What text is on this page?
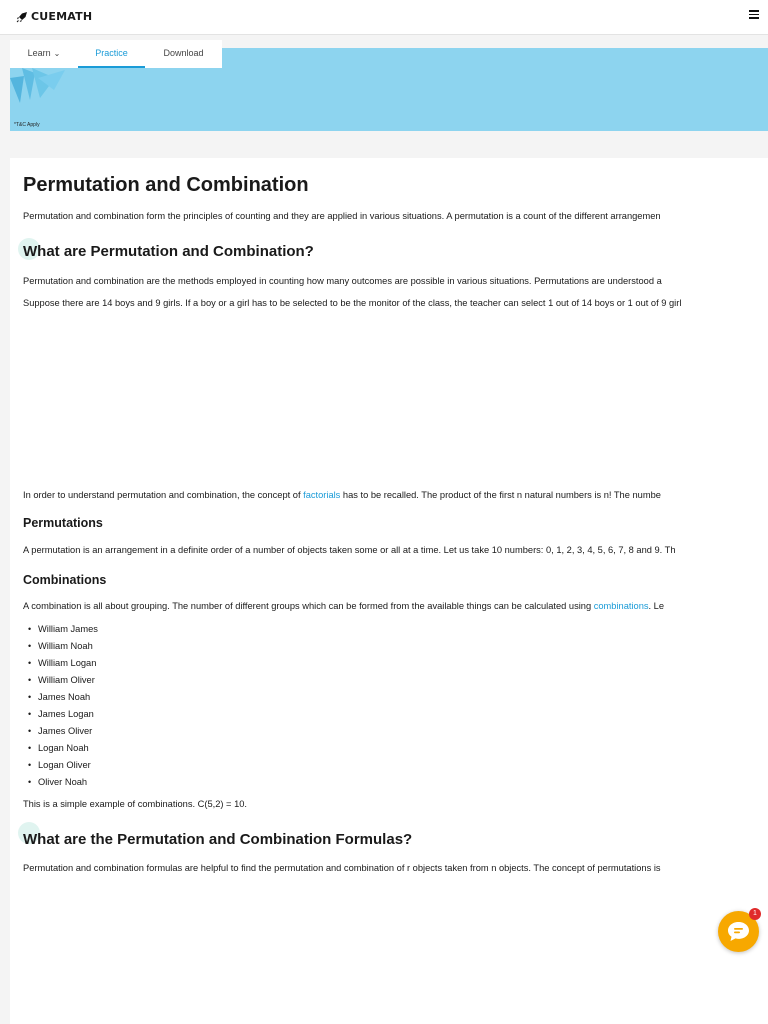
CUEMATH
*T&C Apply
Learn ⌄	Practice	Download
Permutation and Combination
Permutation and combination form the principles of counting and they are applied in various situations. A permutation is a count of the different arrangemen
What are Permutation and Combination?
Permutation and combination are the methods employed in counting how many outcomes are possible in various situations. Permutations are understood a
Suppose there are 14 boys and 9 girls. If a boy or a girl has to be selected to be the monitor of the class, the teacher can select 1 out of 14 boys or 1 out of 9 girl
In order to understand permutation and combination, the concept of factorials has to be recalled. The product of the first n natural numbers is n! The numbe
Permutations
A permutation is an arrangement in a definite order of a number of objects taken some or all at a time. Let us take 10 numbers: 0, 1, 2, 3, 4, 5, 6, 7, 8 and 9. Th
Combinations
A combination is all about grouping. The number of different groups which can be formed from the available things can be calculated using combinations. Le
• William James
• William Noah
• William Logan
• William Oliver
• James Noah
• James Logan
• James Oliver
• Logan Noah
• Logan Oliver
• Oliver Noah
This is a simple example of combinations. C(5,2) = 10.
What are the Permutation and Combination Formulas?
Permutation and combination formulas are helpful to find the permutation and combination of r objects taken from n objects. The concept of permutations is
1
